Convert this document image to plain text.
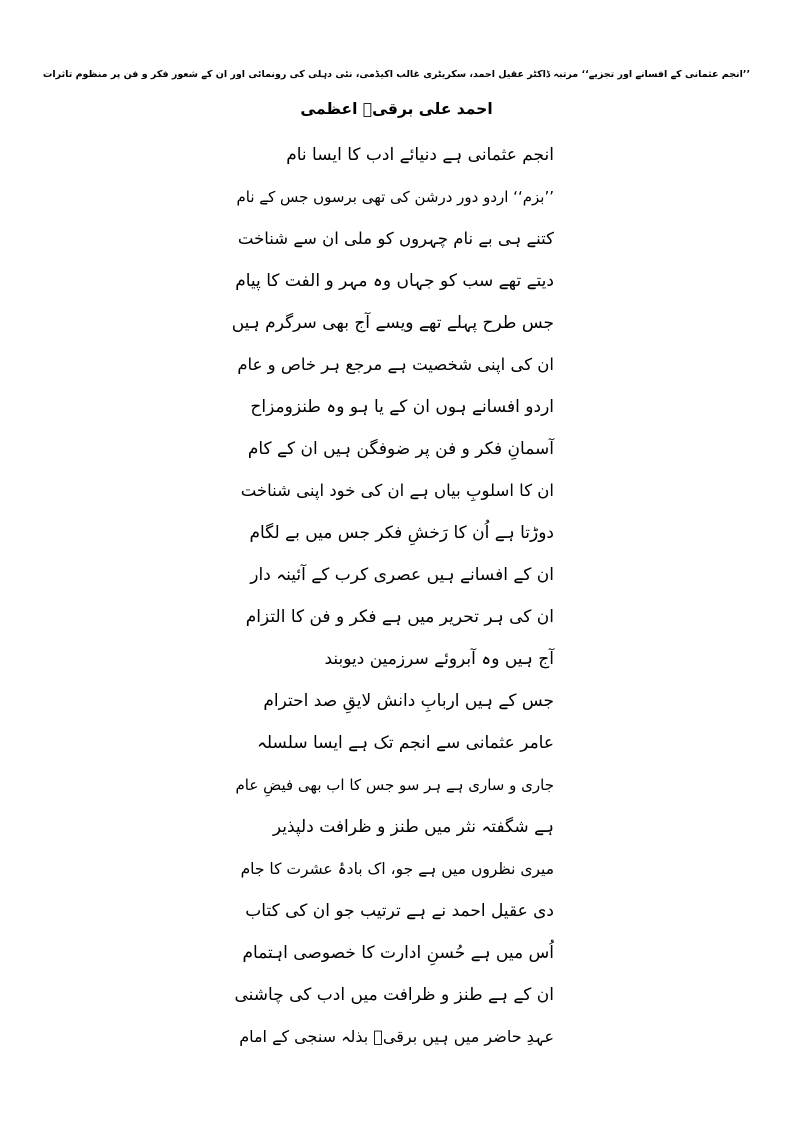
’’انجم عثمانی کے افسانے اور تجزیے‘‘ مرتبہ ڈاکٹر عقیل احمد، سکریٹری غالب اکیڈمی، نئی دہلی کی رونمائی اور ان کے شعور فکر و فن پر منظوم تاثرات
احمد علی برقیؔ اعظمی
انجم عثمانی ہے دنیائے ادب کا ایسا نام
’’بزم‘‘ اردو دور درشن کی تھی برسوں جس کے نام
کتنے ہی بے نام چہروں کو ملی ان سے شناخت
دیتے تھے سب کو جہاں وہ مہر و الفت کا پیام
جس طرح پہلے تھے ویسے آج بھی سرگرم ہیں
ان کی اپنی شخصیت ہے مرجع ہر خاص و عام
اردو افسانے ہوں ان کے یا ہو وہ طنزومزاح
آسمانِ فکر و فن پر ضوفگن ہیں ان کے کام
ان کا اسلوبِ بیاں ہے ان کی خود اپنی شناخت
دوڑتا ہے اُن کا رَخشِ فکر جس میں بے لگام
ان کے افسانے ہیں عصری کرب کے آئینہ دار
ان کی ہر تحریر میں ہے فکر و فن کا التزام
آج ہیں وہ آبروئے سرزمین دیوبند
جس کے ہیں اربابِ دانش لایقِ صد احترام
عامر عثمانی سے انجم تک ہے ایسا سلسلہ
جاری و ساری ہے ہر سو جس کا اب بھی فیضِ عام
ہے شگفتہ نثر میں طنز و ظرافت دلپذیر
میری نظروں میں ہے جو، اک بادۂ عشرت کا جام
دی عقیل احمد نے ہے ترتیب جو ان کی کتاب
اُس میں ہے حُسنِ ادارت کا خصوصی اہتمام
ان کے ہے طنز و ظرافت میں ادب کی چاشنی
عہدِ حاضر میں ہیں برقیؔ بذلہ سنجی کے امام
